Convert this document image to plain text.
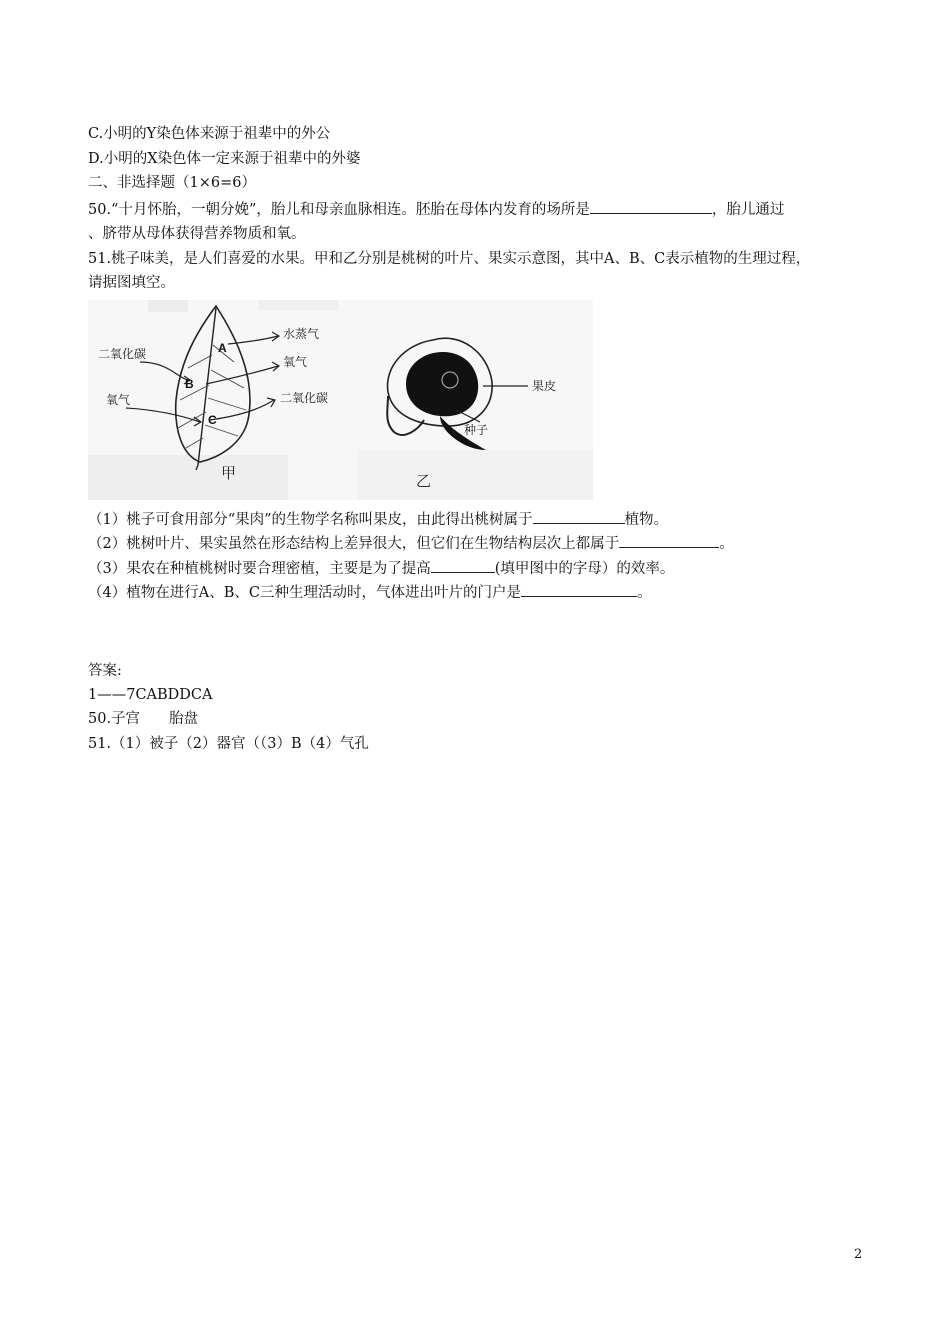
C.小明的Y染色体来源于祖辈中的外公
D.小明的X染色体一定来源于祖辈中的外婆
二、非选择题（1×6=6）
50.“十月怀胎，一朝分娩”，胎儿和母亲血脉相连。胚胎在母体内发育的场所是	，胎儿通过
、脐带从母体获得营养物质和氧。
51.桃子味美，是人们喜爱的水果。甲和乙分别是桃树的叶片、果实示意图，其中A、B、C表示植物的生理过程，
请据图填空。
二氧化碳
氧气
水蒸气
氧气
二氧化碳
A
B
C
甲
果皮
种子
乙
（1）桃子可食用部分“果肉”的生物学名称叫果皮，由此得出桃树属于	植物。
（2）桃树叶片、果实虽然在形态结构上差异很大，但它们在生物结构层次上都属于	。
（3）果农在种植桃树时要合理密植，主要是为了提高	(填甲图中的字母）的效率。
（4）植物在进行A、B、C三种生理活动时，气体进出叶片的门户是	。
答案:
1——7CABDDCA
50.子宫　　胎盘
51.（1）被子（2）器官（（3）B（4）气孔
2
